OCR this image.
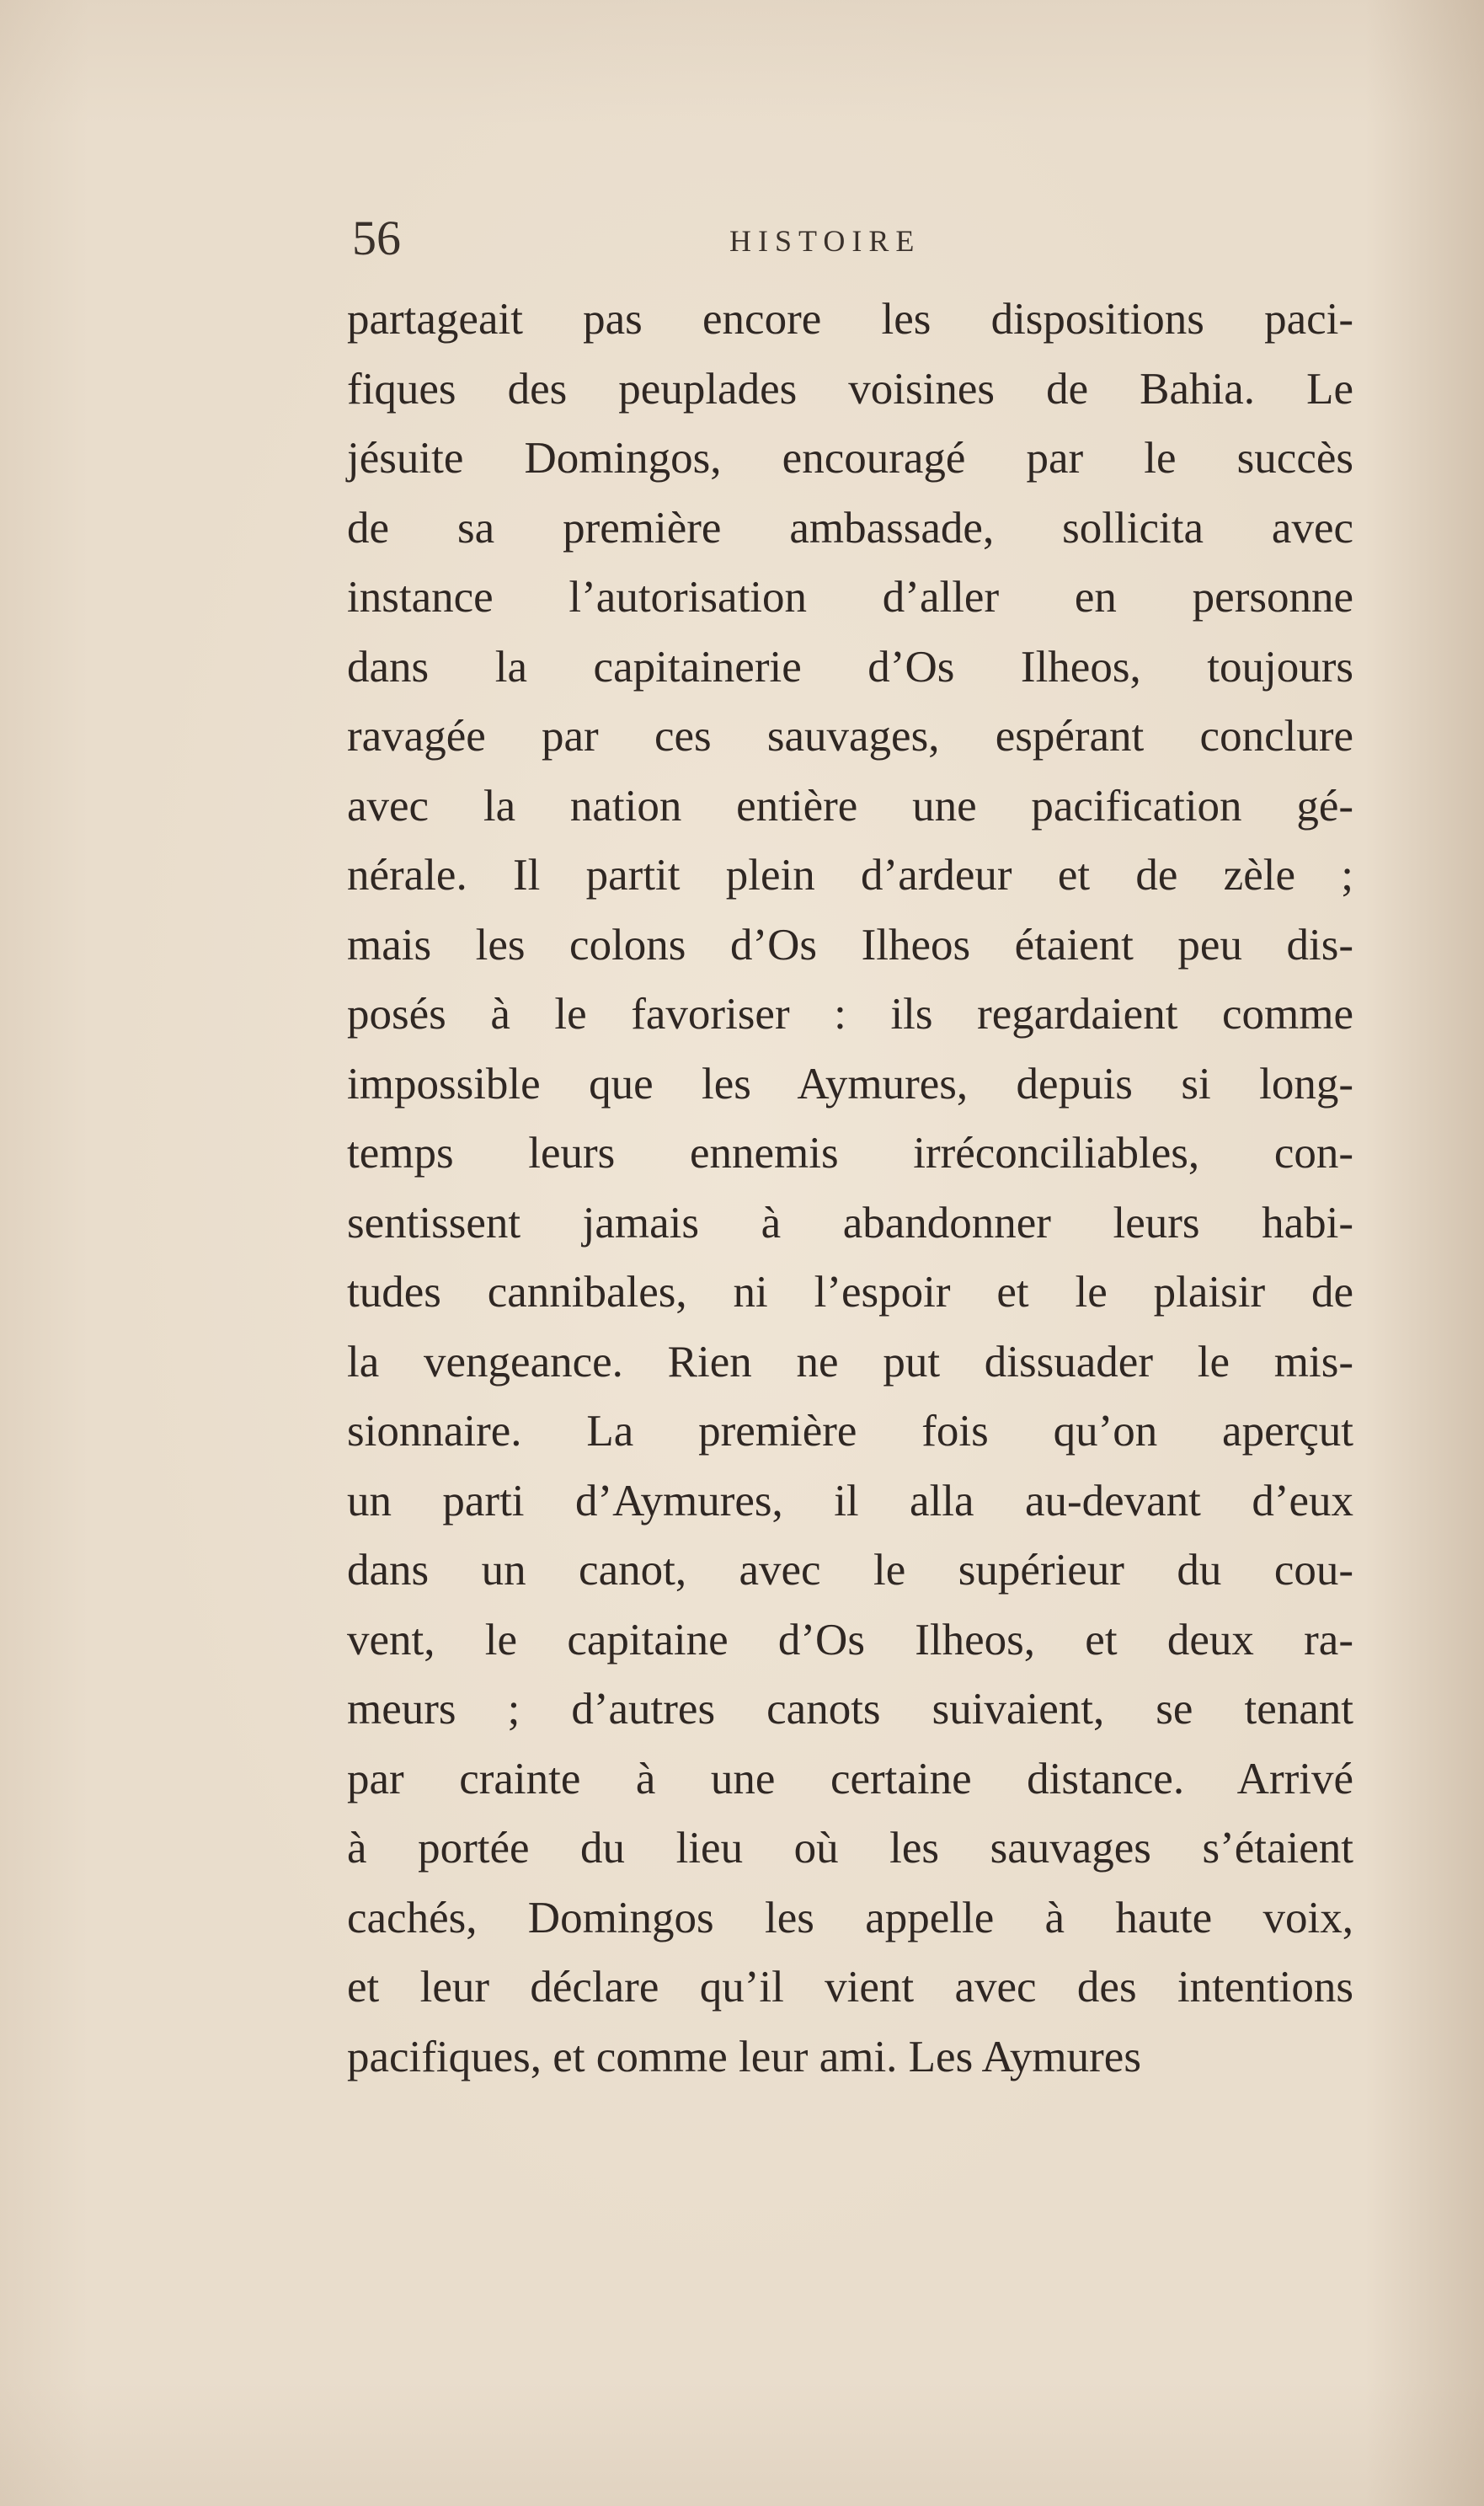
56	HISTOIRE
partageait pas encore les dispositions paci-
fiques des peuplades voisines de Bahia. Le
jésuite Domingos, encouragé par le succès
de sa première ambassade, sollicita avec
instance l’autorisation d’aller en personne
dans la capitainerie d’Os Ilheos, toujours
ravagée par ces sauvages, espérant conclure
avec la nation entière une pacification gé-
nérale. Il partit plein d’ardeur et de zèle ;
mais les colons d’Os Ilheos étaient peu dis-
posés à le favoriser : ils regardaient comme
impossible que les Aymures, depuis si long-
temps leurs ennemis irréconciliables, con-
sentissent jamais à abandonner leurs habi-
tudes cannibales, ni l’espoir et le plaisir de
la vengeance. Rien ne put dissuader le mis-
sionnaire. La première fois qu’on aperçut
un parti d’Aymures, il alla au-devant d’eux
dans un canot, avec le supérieur du cou-
vent, le capitaine d’Os Ilheos, et deux ra-
meurs ; d’autres canots suivaient, se tenant
par crainte à une certaine distance. Arrivé
à portée du lieu où les sauvages s’étaient
cachés, Domingos les appelle à haute voix,
et leur déclare qu’il vient avec des intentions
pacifiques, et comme leur ami. Les Aymures
